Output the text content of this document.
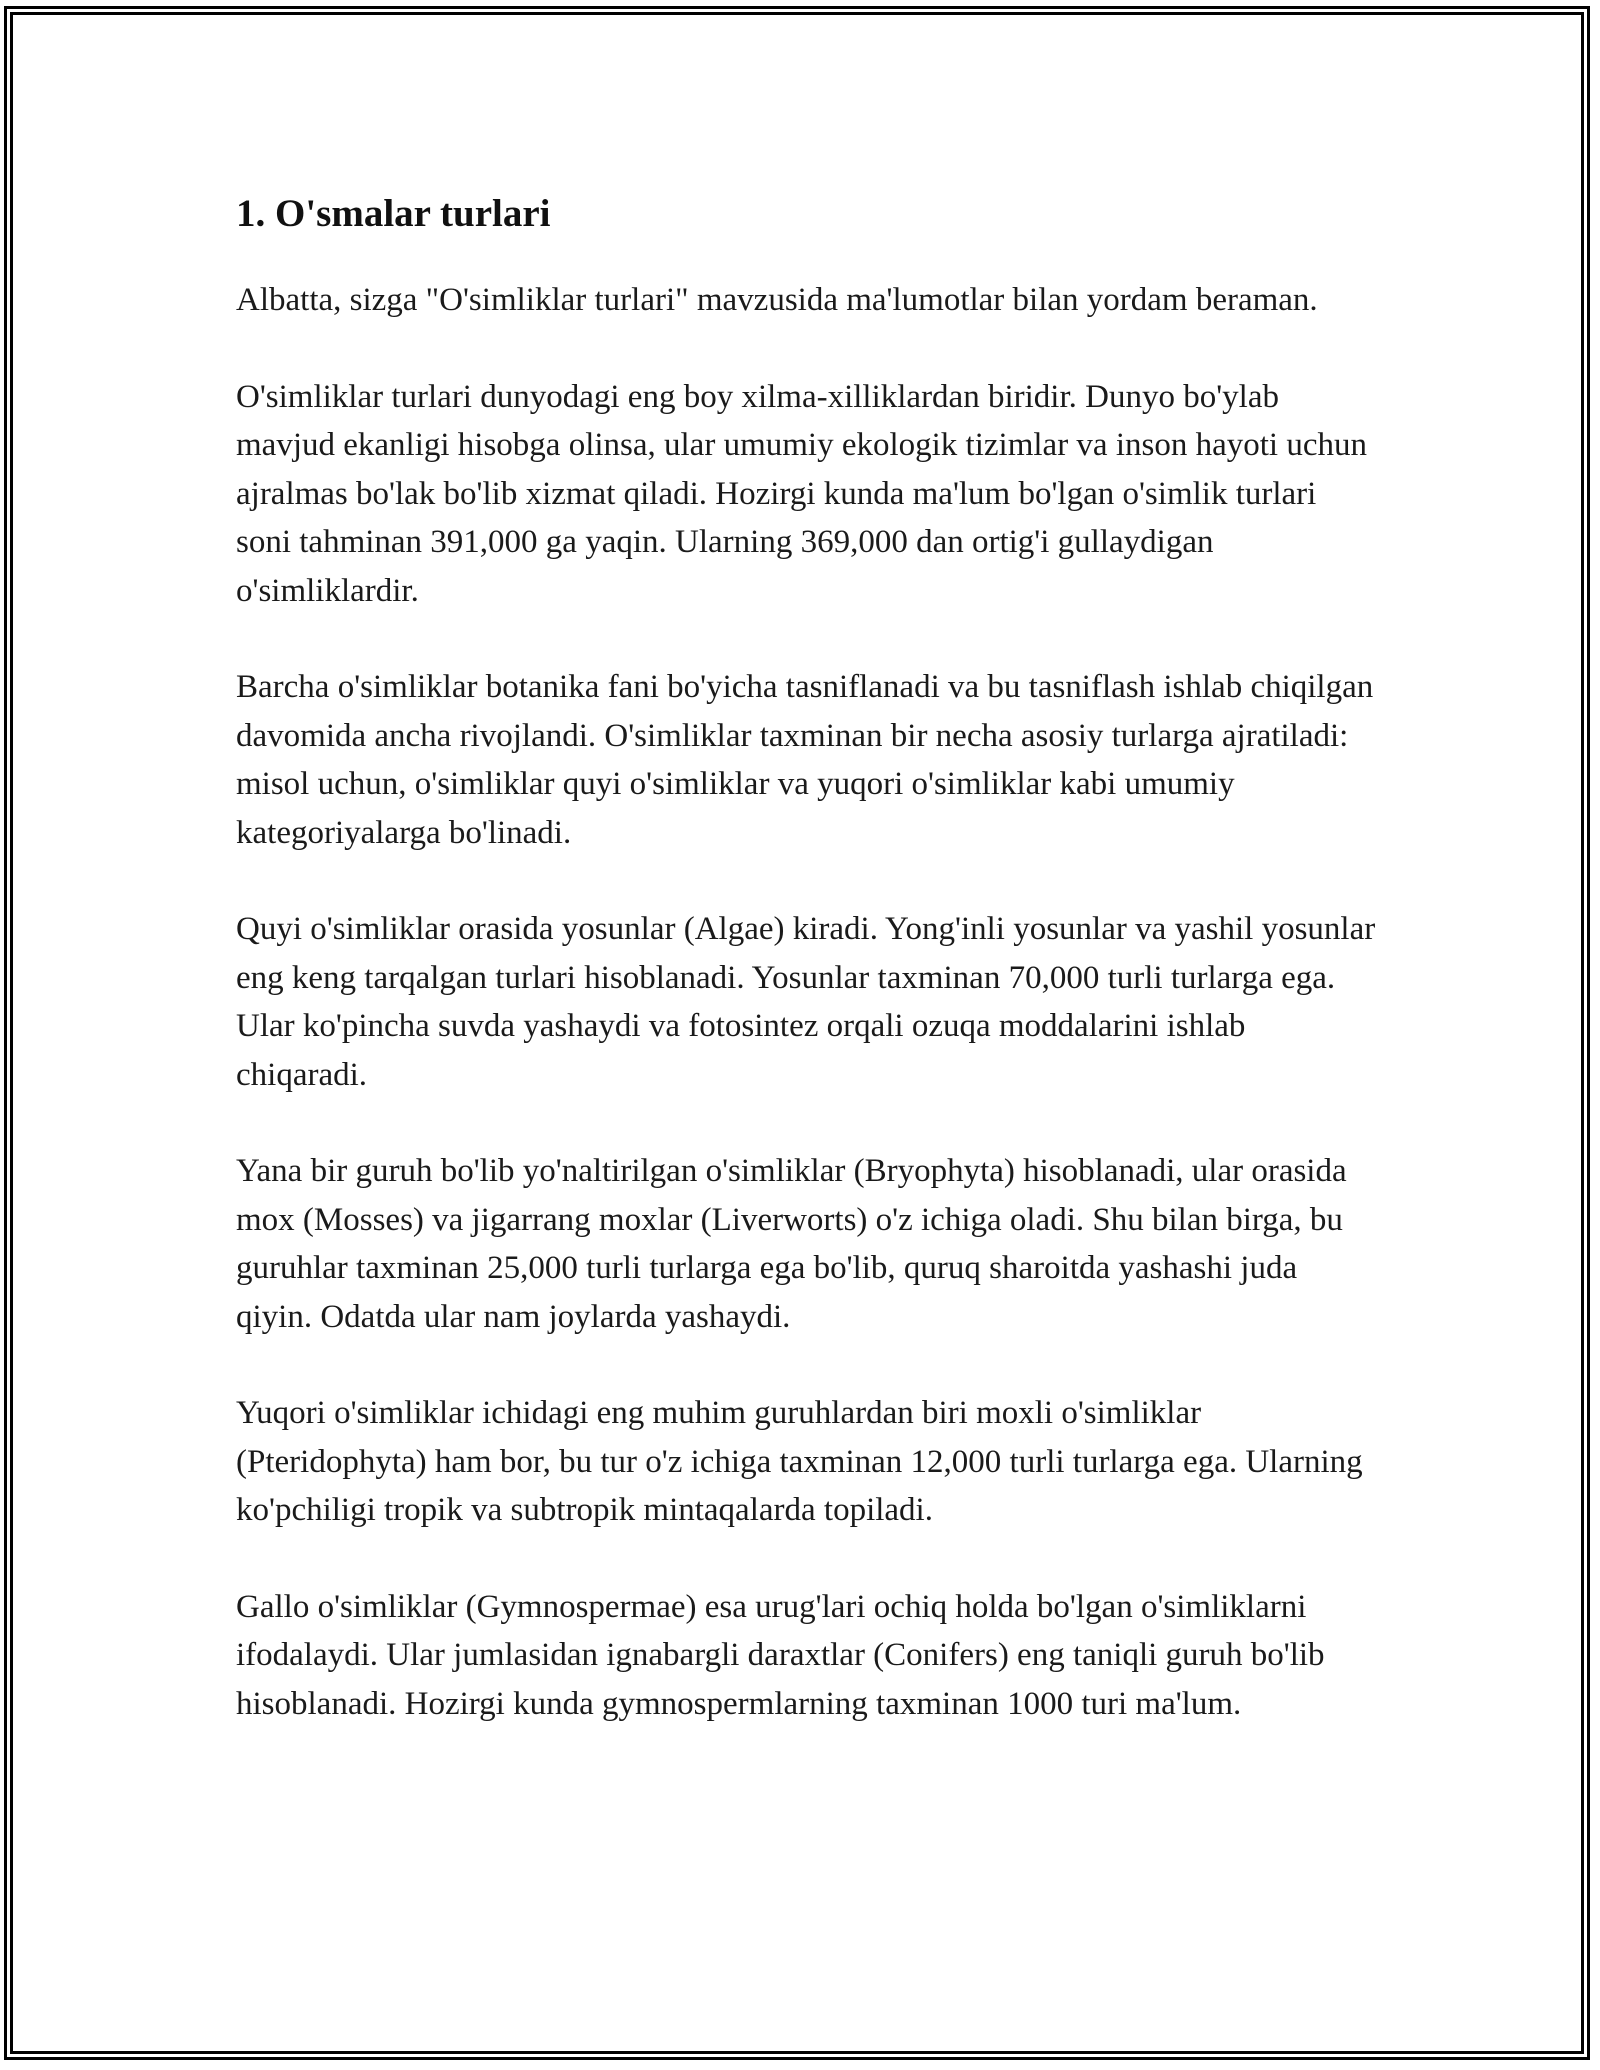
1. O'smalar turlari

Albatta, sizga "O'simliklar turlari" mavzusida ma'lumotlar bilan yordam beraman.

O'simliklar turlari dunyodagi eng boy xilma-xilliklardan biridir. Dunyo bo'ylab mavjud ekanligi hisobga olinsa, ular umumiy ekologik tizimlar va inson hayoti uchun ajralmas bo'lak bo'lib xizmat qiladi. Hozirgi kunda ma'lum bo'lgan o'simlik turlari soni tahminan 391,000 ga yaqin. Ularning 369,000 dan ortig'i gullaydigan o'simliklardir.

Barcha o'simliklar botanika fani bo'yicha tasniflanadi va bu tasniflash ishlab chiqilgan davomida ancha rivojlandi. O'simliklar taxminan bir necha asosiy turlarga ajratiladi: misol uchun, o'simliklar quyi o'simliklar va yuqori o'simliklar kabi umumiy kategoriyalarga bo'linadi.

Quyi o'simliklar orasida yosunlar (Algae) kiradi. Yong'inli yosunlar va yashil yosunlar eng keng tarqalgan turlari hisoblanadi. Yosunlar taxminan 70,000 turli turlarga ega. Ular ko'pincha suvda yashaydi va fotosintez orqali ozuqa moddalarini ishlab chiqaradi.

Yana bir guruh bo'lib yo'naltirilgan o'simliklar (Bryophyta) hisoblanadi, ular orasida mox (Mosses) va jigarrang moxlar (Liverworts) o'z ichiga oladi. Shu bilan birga, bu guruhlar taxminan 25,000 turli turlarga ega bo'lib, quruq sharoitda yashashi juda qiyin. Odatda ular nam joylarda yashaydi.

Yuqori o'simliklar ichidagi eng muhim guruhlardan biri moxli o'simliklar (Pteridophyta) ham bor, bu tur o'z ichiga taxminan 12,000 turli turlarga ega. Ularning ko'pchiligi tropik va subtropik mintaqalarda topiladi.

Gallo o'simliklar (Gymnospermae) esa urug'lari ochiq holda bo'lgan o'simliklarni ifodalaydi. Ular jumlasidan ignabargli daraxtlar (Conifers) eng taniqli guruh bo'lib hisoblanadi. Hozirgi kunda gymnospermlarning taxminan 1000 turi ma'lum.
